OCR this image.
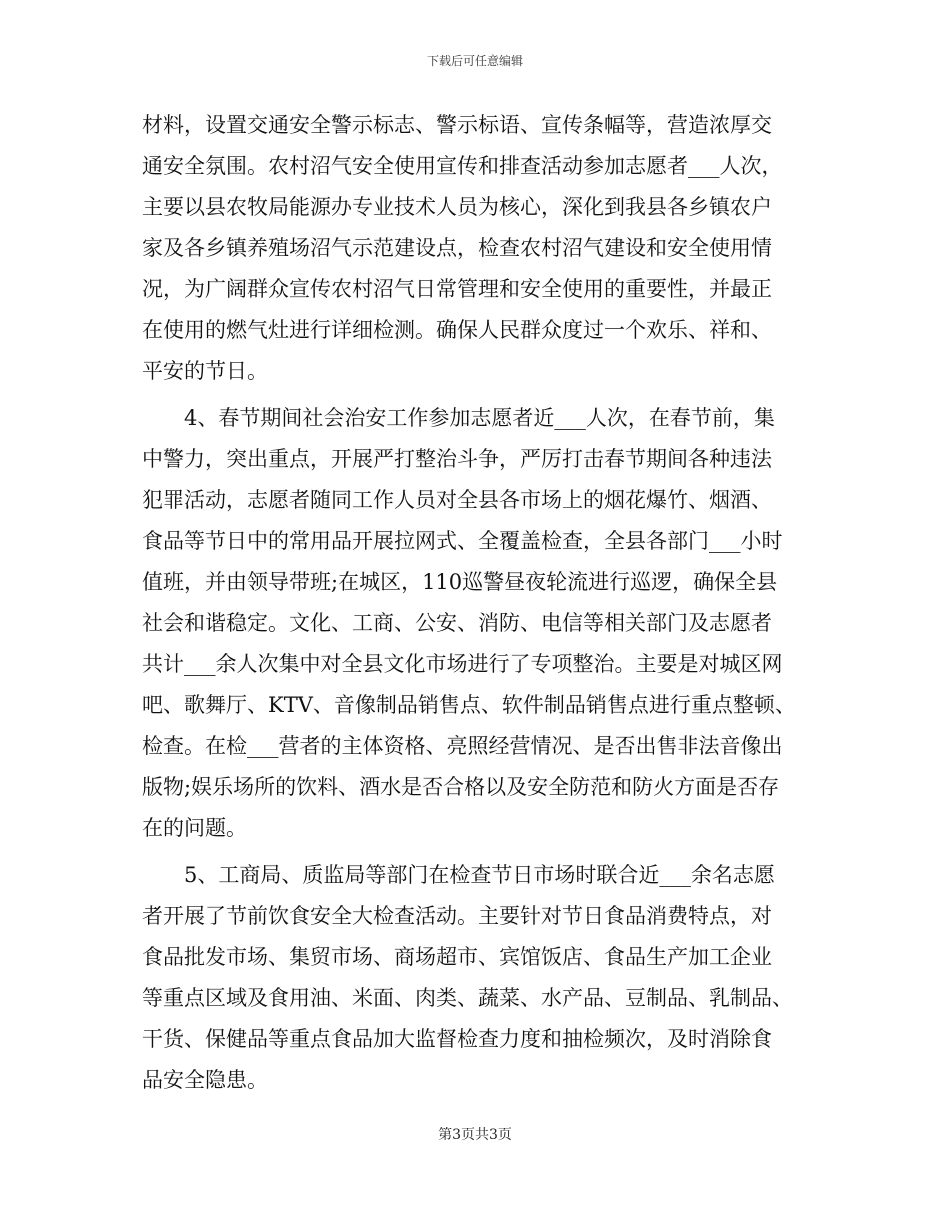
下载后可任意编辑
材料，设置交通安全警示标志、警示标语、宣传条幅等，营造浓厚交
通安全氛围。农村沼气安全使用宣传和排查活动参加志愿者___人次，
主要以县农牧局能源办专业技术人员为核心，深化到我县各乡镇农户
家及各乡镇养殖场沼气示范建设点，检查农村沼气建设和安全使用情
况，为广阔群众宣传农村沼气日常管理和安全使用的重要性，并最正
在使用的燃气灶进行详细检测。确保人民群众度过一个欢乐、祥和、
平安的节日。
　　4、春节期间社会治安工作参加志愿者近___人次，在春节前，集
中警力，突出重点，开展严打整治斗争，严厉打击春节期间各种违法
犯罪活动，志愿者随同工作人员对全县各市场上的烟花爆竹、烟酒、
食品等节日中的常用品开展拉网式、全覆盖检查，全县各部门___小时
值班，并由领导带班;在城区，110巡警昼夜轮流进行巡逻，确保全县
社会和谐稳定。文化、工商、公安、消防、电信等相关部门及志愿者
共计___余人次集中对全县文化市场进行了专项整治。主要是对城区网
吧、歌舞厅、KTV、音像制品销售点、软件制品销售点进行重点整顿、
检查。在检___营者的主体资格、亮照经营情况、是否出售非法音像出
版物;娱乐场所的饮料、酒水是否合格以及安全防范和防火方面是否存
在的问题。
　　5、工商局、质监局等部门在检查节日市场时联合近___余名志愿
者开展了节前饮食安全大检查活动。主要针对节日食品消费特点，对
食品批发市场、集贸市场、商场超市、宾馆饭店、食品生产加工企业
等重点区域及食用油、米面、肉类、蔬菜、水产品、豆制品、乳制品、
干货、保健品等重点食品加大监督检查力度和抽检频次，及时消除食
品安全隐患。
第3页共3页
